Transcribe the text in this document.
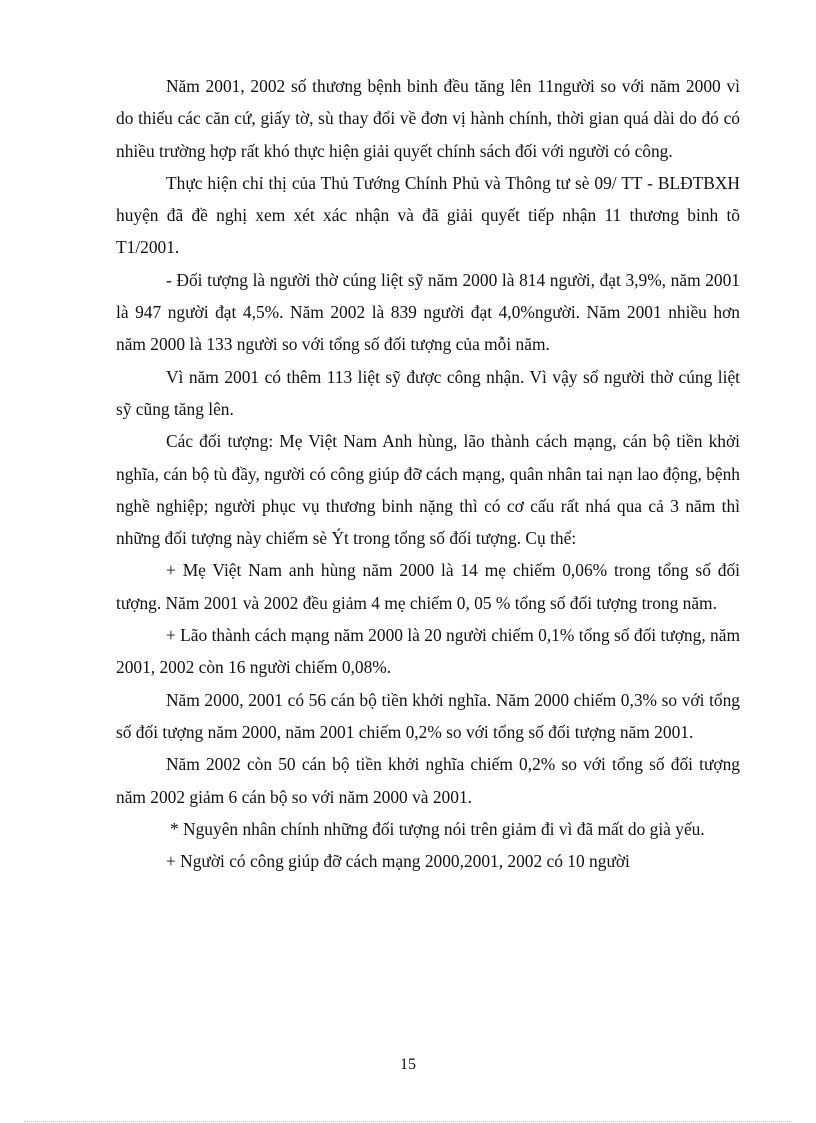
Năm 2001, 2002 số thương bệnh binh đều tăng lên 11người so với năm 2000 vì do thiếu các căn cứ, giấy tờ, sù thay đổi về đơn vị hành chính, thời gian quá dài do đó có nhiều trường hợp rất khó thực hiện giải quyết chính sách đối với người có công.

Thực hiện chỉ thị của Thủ Tướng Chính Phủ và Thông tư sè 09/ TT - BLĐTBXH huyện đã đề nghị xem xét xác nhận và đã giải quyết tiếp nhận 11 thương binh tõ T1/2001.

- Đối tượng là người thờ cúng liệt sỹ năm 2000 là 814 người, đạt 3,9%, năm 2001 là 947 người đạt 4,5%. Năm 2002 là 839 người đạt 4,0%người. Năm 2001 nhiều hơn năm 2000 là 133 người so với tổng số đối tượng của mỗi năm.

Vì năm 2001 có thêm 113 liệt sỹ được công nhận. Vì vậy số người thờ cúng liệt sỹ cũng tăng lên.

Các đối tượng: Mẹ Việt Nam Anh hùng, lão thành cách mạng, cán bộ tiền khởi nghĩa, cán bộ tù đầy, người có công giúp đỡ cách mạng, quân nhân tai nạn lao động, bệnh nghề nghiệp; người phục vụ thương binh nặng thì có cơ cấu rất nhá qua cả 3 năm thì những đối tượng này chiếm sè Ýt trong tổng số đối tượng. Cụ thể:

+ Mẹ Việt Nam anh hùng năm 2000 là 14 mẹ chiếm 0,06% trong tổng số đối tượng. Năm 2001 và 2002 đều giảm 4 mẹ chiếm 0, 05 % tổng số đối tượng trong năm.

+ Lão thành cách mạng năm 2000 là 20 người chiếm 0,1% tổng số đối tượng, năm 2001, 2002 còn 16 người chiếm 0,08%.

Năm 2000, 2001 có 56 cán bộ tiền khởi nghĩa. Năm 2000 chiếm 0,3% so với tổng số đối tượng năm 2000, năm 2001 chiếm 0,2% so với tổng số đối tượng năm 2001.

Năm 2002 còn 50 cán bộ tiền khởi nghĩa chiếm 0,2% so với tổng số đối tượng năm 2002 giảm 6 cán bộ so với năm 2000 và 2001.

* Nguyên nhân chính những đối tượng nói trên giảm đi vì đã mất do già yếu.

+ Người có công giúp đỡ cách mạng 2000,2001, 2002 có 10 người

15
